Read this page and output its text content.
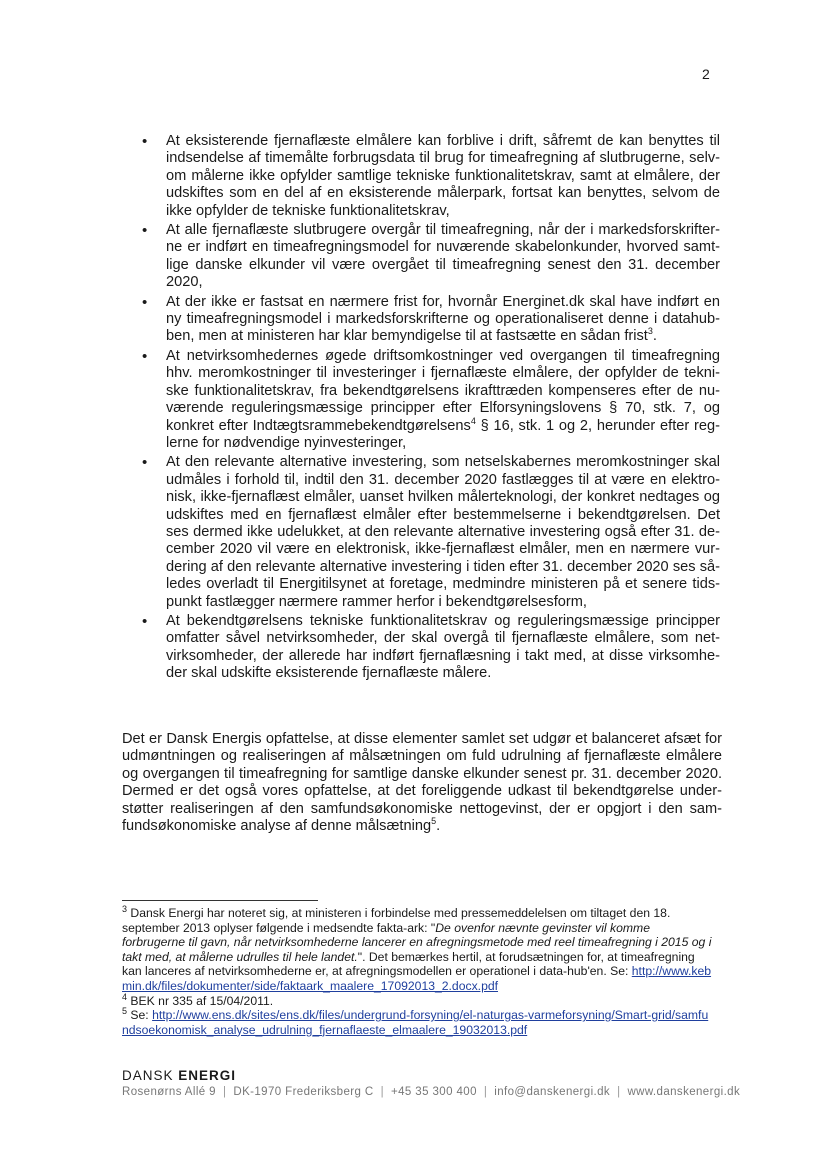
2
• At eksisterende fjernaflæste elmålere kan forblive i drift, såfremt de kan benyttes til indsendelse af timemålte forbrugsdata til brug for timeafregning af slutbrugerne, selv-om målerne ikke opfylder samtlige tekniske funktionalitetskrav, samt at elmålere, der udskiftes som en del af en eksisterende målerpark, fortsat kan benyttes, selvom de ikke opfylder de tekniske funktionalitetskrav,
• At alle fjernaflæste slutbrugere overgår til timeafregning, når der i markedsforskrifter-ne er indført en timeafregningsmodel for nuværende skabelonkunder, hvorved samt-lige danske elkunder vil være overgået til timeafregning senest den 31. december 2020,
• At der ikke er fastsat en nærmere frist for, hvornår Energinet.dk skal have indført en ny timeafregningsmodel i markedsforskrifterne og operationaliseret denne i datahub-ben, men at ministeren har klar bemyndigelse til at fastsætte en sådan frist$^3$.
• At netvirksomhedernes øgede driftsomkostninger ved overgangen til timeafregning hhv. meromkostninger til investeringer i fjernaflæste elmålere, der opfylder de tekni-ske funktionalitetskrav, fra bekendtgørelsens ikrafttræden kompenseres efter de nu-værende reguleringsmæssige principper efter Elforsyningslovens § 70, stk. 7, og konkret efter Indtægtsrammebekendtgørelsens$^4$ § 16, stk. 1 og 2, herunder efter reg-lerne for nødvendige nyinvesteringer,
• At den relevante alternative investering, som netselskabernes meromkostninger skal udmåles i forhold til, indtil den 31. december 2020 fastlægges til at være en elektro-nisk, ikke-fjernaflæst elmåler, uanset hvilken målerteknologi, der konkret nedtages og udskiftes med en fjernaflæst elmåler efter bestemmelserne i bekendtgørelsen. Det ses dermed ikke udelukket, at den relevante alternative investering også efter 31. de-cember 2020 vil være en elektronisk, ikke-fjernaflæst elmåler, men en nærmere vur-dering af den relevante alternative investering i tiden efter 31. december 2020 ses så-ledes overladt til Energitilsynet at foretage, medmindre ministeren på et senere tids-punkt fastlægger nærmere rammer herfor i bekendtgørelsesform,
• At bekendtgørelsens tekniske funktionalitetskrav og reguleringsmæssige principper omfatter såvel netvirksomheder, der skal overgå til fjernaflæste elmålere, som net-virksomheder, der allerede har indført fjernaflæsning i takt med, at disse virksomhe-der skal udskifte eksisterende fjernaflæste målere.

Det er Dansk Energis opfattelse, at disse elementer samlet set udgør et balanceret afsæt for udmøntningen og realiseringen af målsætningen om fuld udrulning af fjernaflæste elmålere og overgangen til timeafregning for samtlige danske elkunder senest pr. 31. december 2020. Dermed er det også vores opfattelse, at det foreliggende udkast til bekendtgørelse under-støtter realiseringen af den samfundsøkonomiske nettogevinst, der er opgjort i den sam-fundsøkonomiske analyse af denne målsætning$^5$.

$^3$ Dansk Energi har noteret sig, at ministeren i forbindelse med pressemeddelelsen om tiltaget den 18. september 2013 oplyser følgende i medsendte fakta-ark: "De ovenfor nævnte gevinster vil komme forbrugerne til gavn, når netvirksomhederne lancerer en afregningsmetode med reel timeafregning i 2015 og i takt med, at målerne udrulles til hele landet.". Det bemærkes hertil, at forudsætningen for, at timeafregning kan lanceres af netvirksomhederne er, at afregningsmodellen er operationel i data-hub'en. Se: http://www.kebmin.dk/files/dokumenter/side/faktaark_maalere_17092013_2.docx.pdf

$^4$ BEK nr 335 af 15/04/2011.

$^5$ Se: http://www.ens.dk/sites/ens.dk/files/undergrund-forsyning/el-naturgas-varmeforsyning/Smart-grid/samfundsoekonomisk_analyse_udrulning_fjernaflaeste_elmaalere_19032013.pdf

DANSK ENERGI
Rosenørns Allé 9 | DK-1970 Frederiksberg C | +45 35 300 400 | info@danskenergi.dk | www.danskenergi.dk
